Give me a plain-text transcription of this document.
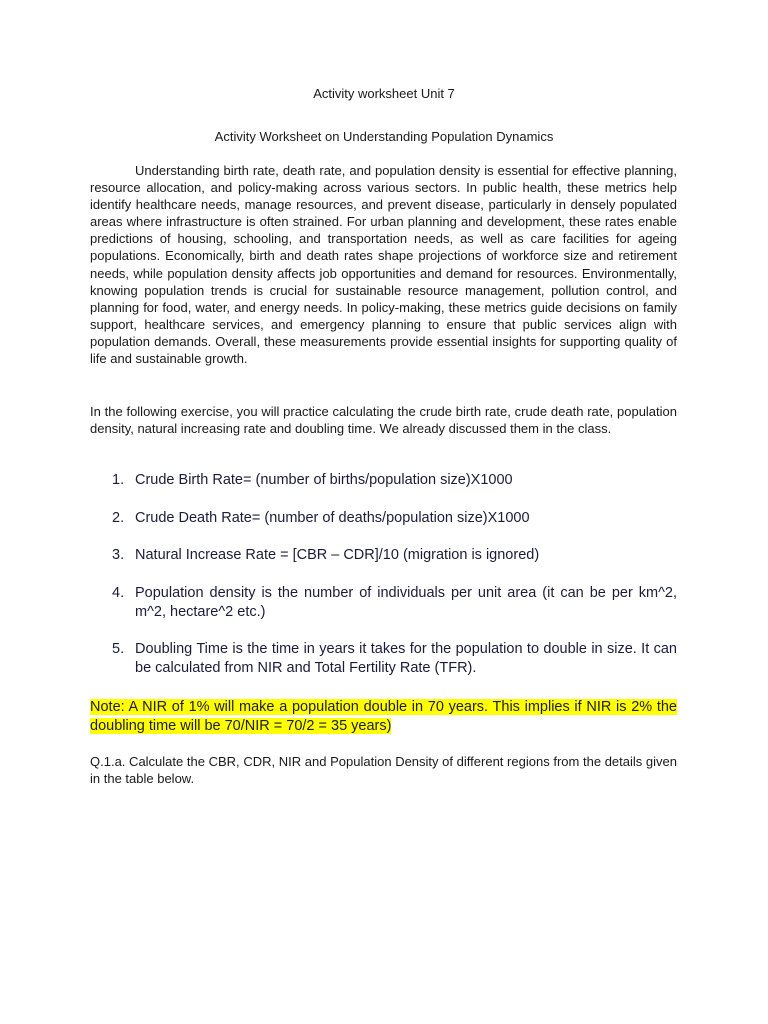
Activity worksheet Unit 7
Activity Worksheet on Understanding Population Dynamics

Understanding birth rate, death rate, and population density is essential for effective planning, resource allocation, and policy-making across various sectors. In public health, these metrics help identify healthcare needs, manage resources, and prevent disease, particularly in densely populated areas where infrastructure is often strained. For urban planning and development, these rates enable predictions of housing, schooling, and transportation needs, as well as care facilities for ageing populations. Economically, birth and death rates shape projections of workforce size and retirement needs, while population density affects job opportunities and demand for resources. Environmentally, knowing population trends is crucial for sustainable resource management, pollution control, and planning for food, water, and energy needs. In policy-making, these metrics guide decisions on family support, healthcare services, and emergency planning to ensure that public services align with population demands. Overall, these measurements provide essential insights for supporting quality of life and sustainable growth.

In the following exercise, you will practice calculating the crude birth rate, crude death rate, population density, natural increasing rate and doubling time. We already discussed them in the class.

1. Crude Birth Rate= (number of births/population size)X1000
2. Crude Death Rate= (number of deaths/population size)X1000
3. Natural Increase Rate = [CBR – CDR]/10 (migration is ignored)
4. Population density is the number of individuals per unit area (it can be per km^2, m^2, hectare^2 etc.)
5. Doubling Time is the time in years it takes for the population to double in size. It can be calculated from NIR and Total Fertility Rate (TFR).
Note: A NIR of 1% will make a population double in 70 years. This implies if NIR is 2% the doubling time will be 70/NIR = 70/2 = 35 years)

Q.1.a. Calculate the CBR, CDR, NIR and Population Density of different regions from the details given in the table below.
